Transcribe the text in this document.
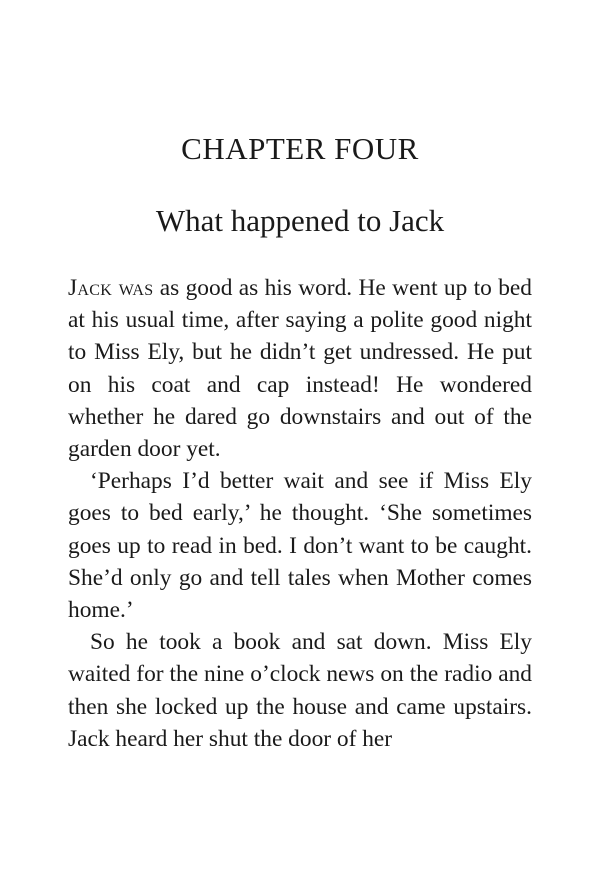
CHAPTER FOUR
What happened to Jack

Jack was as good as his word. He went up to bed at his usual time, after saying a polite good night to Miss Ely, but he didn’t get undressed. He put on his coat and cap instead! He wondered whether he dared go downstairs and out of the garden door yet.

‘Perhaps I’d better wait and see if Miss Ely goes to bed early,’ he thought. ‘She sometimes goes up to read in bed. I don’t want to be caught. She’d only go and tell tales when Mother comes home.’

So he took a book and sat down. Miss Ely waited for the nine o’clock news on the radio and then she locked up the house and came upstairs. Jack heard her shut the door of her
